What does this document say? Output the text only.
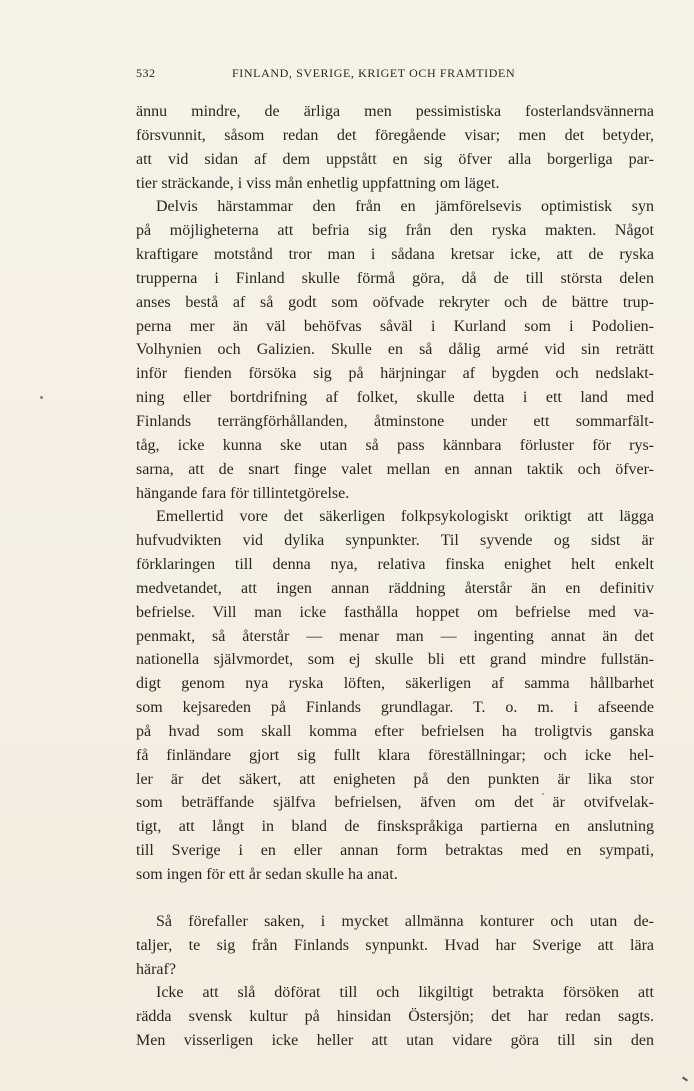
532	FINLAND, SVERIGE, KRIGET OCH FRAMTIDEN
ännu mindre, de ärliga men pessimistiska fosterlandsvännerna
försvunnit, såsom redan det föregående visar; men det betyder,
att vid sidan af dem uppstått en sig öfver alla borgerliga par-
tier sträckande, i viss mån enhetlig uppfattning om läget.
Delvis härstammar den från en jämförelsevis optimistisk syn
på möjligheterna att befria sig från den ryska makten. Något
kraftigare motstånd tror man i sådana kretsar icke, att de ryska
trupperna i Finland skulle förmå göra, då de till största delen
anses bestå af så godt som oöfvade rekryter och de bättre trup-
perna mer än väl behöfvas såväl i Kurland som i Podolien-
Volhynien och Galizien. Skulle en så dålig armé vid sin reträtt
inför fienden försöka sig på härjningar af bygden och nedslakt-
ning eller bortdrifning af folket, skulle detta i ett land med
Finlands terrängförhållanden, åtminstone under ett sommarfält-
tåg, icke kunna ske utan så pass kännbara förluster för rys-
sarna, att de snart finge valet mellan en annan taktik och öfver-
hängande fara för tillintetgörelse.
Emellertid vore det säkerligen folkpsykologiskt oriktigt att lägga
hufvudvikten vid dylika synpunkter. Til syvende og sidst är
förklaringen till denna nya, relativa finska enighet helt enkelt
medvetandet, att ingen annan räddning återstår än en definitiv
befrielse. Vill man icke fasthålla hoppet om befrielse med va-
penmakt, så återstår — menar man — ingenting annat än det
nationella självmordet, som ej skulle bli ett grand mindre fullstän-
digt genom nya ryska löften, säkerligen af samma hållbarhet
som kejsareden på Finlands grundlagar. T. o. m. i afseende
på hvad som skall komma efter befrielsen ha troligtvis ganska
få finländare gjort sig fullt klara föreställningar; och icke hel-
ler är det säkert, att enigheten på den punkten är lika stor
som beträffande själfva befrielsen, äfven om det är otvifvelak-
tigt, att långt in bland de finskspråkiga partierna en anslutning
till Sverige i en eller annan form betraktas med en sympati,
som ingen för ett år sedan skulle ha anat.
Så förefaller saken, i mycket allmänna konturer och utan de-
taljer, te sig från Finlands synpunkt. Hvad har Sverige att lära
häraf?
Icke att slå döförat till och likgiltigt betrakta försöken att
rädda svensk kultur på hinsidan Östersjön; det har redan sagts.
Men visserligen icke heller att utan vidare göra till sin den
